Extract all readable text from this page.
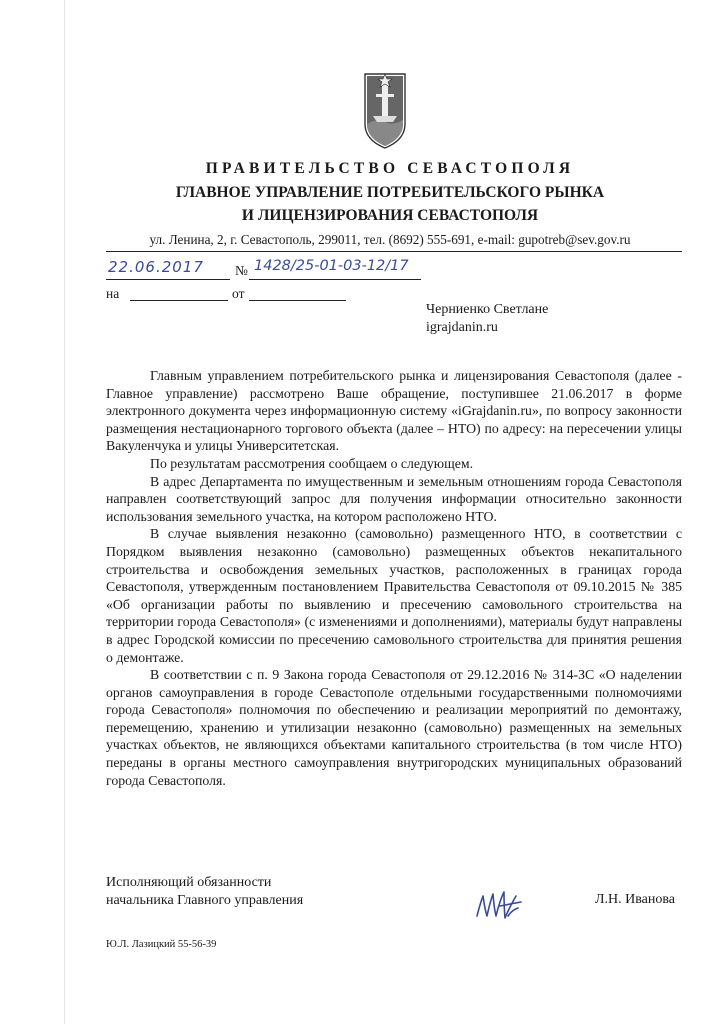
ПРАВИТЕЛЬСТВО СЕВАСТОПОЛЯ
ГЛАВНОЕ УПРАВЛЕНИЕ ПОТРЕБИТЕЛЬСКОГО РЫНКА
И ЛИЦЕНЗИРОВАНИЯ СЕВАСТОПОЛЯ
ул. Ленина, 2, г. Севастополь, 299011, тел. (8692) 555-691, e-mail: gupotreb@sev.gov.ru
22.06.2017 № 1428/25-01-03-12/17
на	от
Черниенко Светлане
igrajdanin.ru

Главным управлением потребительского рынка и лицензирования Севастополя (далее - Главное управление) рассмотрено Ваше обращение, поступившее 21.06.2017 в форме электронного документа через информационную систему «iGrajdanin.ru», по вопросу законности размещения нестационарного торгового объекта (далее – НТО) по адресу: на пересечении улицы Вакуленчука и улицы Университетская.

По результатам рассмотрения сообщаем о следующем.

В адрес Департамента по имущественным и земельным отношениям города Севастополя направлен соответствующий запрос для получения информации относительно законности использования земельного участка, на котором расположено НТО.

В случае выявления незаконно (самовольно) размещенного НТО, в соответствии с Порядком выявления незаконно (самовольно) размещенных объектов некапитального строительства и освобождения земельных участков, расположенных в границах города Севастополя, утвержденным постановлением Правительства Севастополя от 09.10.2015 № 385 «Об организации работы по выявлению и пресечению самовольного строительства на территории города Севастополя» (с изменениями и дополнениями), материалы будут направлены в адрес Городской комиссии по пресечению самовольного строительства для принятия решения о демонтаже.

В соответствии с п. 9 Закона города Севастополя от 29.12.2016 № 314-ЗС «О наделении органов самоуправления в городе Севастополе отдельными государственными полномочиями города Севастополя» полномочия по обеспечению и реализации мероприятий по демонтажу, перемещению, хранению и утилизации незаконно (самовольно) размещенных на земельных участках объектов, не являющихся объектами капитального строительства (в том числе НТО) переданы в органы местного самоуправления внутригородских муниципальных образований города Севастополя.

Исполняющий обязанности
начальника Главного управления	Л.Н. Иванова
Ю.Л. Лазицкий 55-56-39
